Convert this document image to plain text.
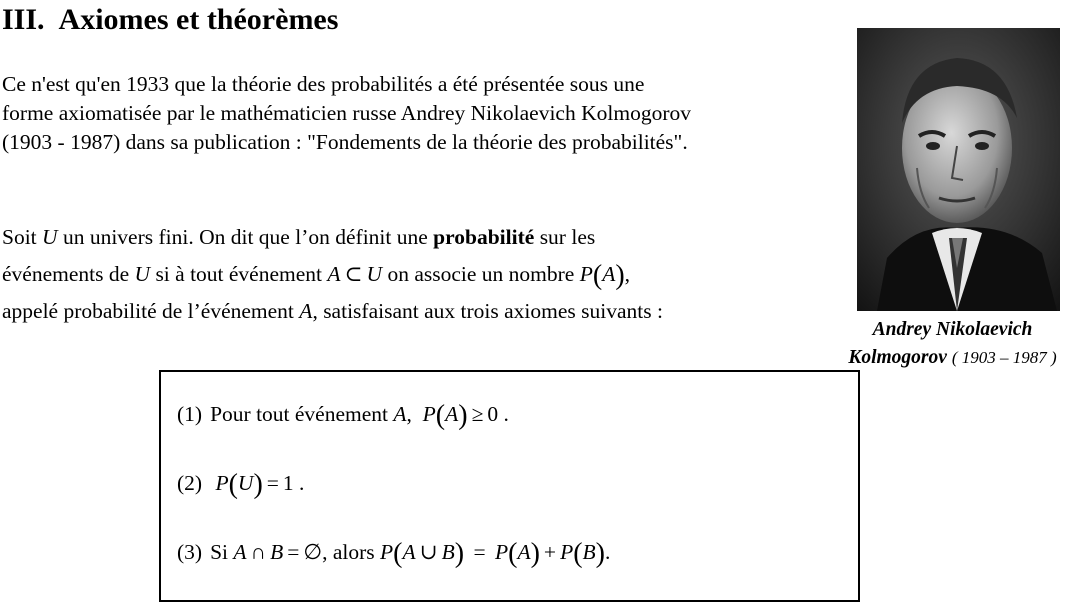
III. Axiomes et théorèmes
Ce n'est qu'en 1933 que la théorie des probabilités a été présentée sous une
forme axiomatisée par le mathématicien russe Andrey Nikolaevich Kolmogorov
(1903 - 1987) dans sa publication : "Fondements de la théorie des probabilités".
Soit U un univers fini. On dit que l’on définit une probabilité sur les
événements de U si à tout événement A ⊂ U on associe un nombre P(A),
appelé probabilité de l’événement A, satisfaisant aux trois axiomes suivants :
Andrey Nikolaevich
Kolmogorov ( 1903 – 1987 )
(1) Pour tout événement A,  P(A) ≥ 0 .
(2) P(U) = 1 .
(3) Si A ∩ B = ∅, alors P(A ∪ B) = P(A) + P(B).
